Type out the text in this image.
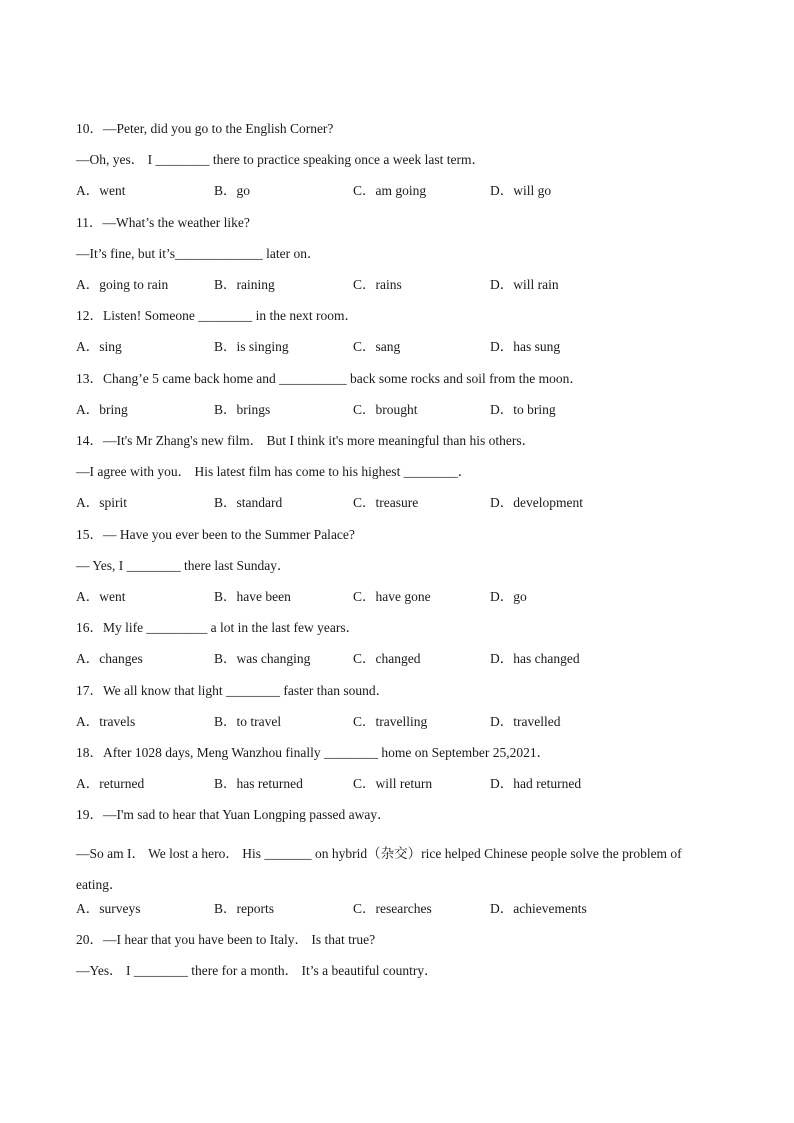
10．—Peter, did you go to the English Corner?
—Oh, yes． I ________ there to practice speaking once a week last term．
A．went	B．go	C．am going	D．will go
11．—What’s the weather like?
—It’s fine, but it’s_____________ later on．
A．going to rain	B．raining	C．rains	D．will rain
12．Listen! Someone ________ in the next room．
A．sing	B．is singing	C．sang	D．has sung
13．Chang’e 5 came back home and __________ back some rocks and soil from the moon．
A．bring	B．brings	C．brought	D．to bring
14．—It's Mr Zhang's new film． But I think it's more meaningful than his others．
—I agree with you． His latest film has come to his highest ________．
A．spirit	B．standard	C．treasure	D．development
15．— Have you ever been to the Summer Palace?
— Yes, I ________ there last Sunday．
A．went	B．have been	C．have gone	D．go
16．My life _________ a lot in the last few years．
A．changes	B．was changing	C．changed	D．has changed
17．We all know that light ________ faster than sound．
A．travels	B．to travel	C．travelling	D．travelled
18．After 1028 days, Meng Wanzhou finally ________ home on September 25,2021．
A．returned	B．has returned	C．will return	D．had returned
19．—I'm sad to hear that Yuan Longping passed away．
—So am I． We lost a hero． His _______ on hybrid（杂交）rice helped Chinese people solve the problem of eating．
A．surveys	B．reports	C．researches	D．achievements
20．—I hear that you have been to Italy． Is that true?
—Yes． I ________ there for a month． It’s a beautiful country．
